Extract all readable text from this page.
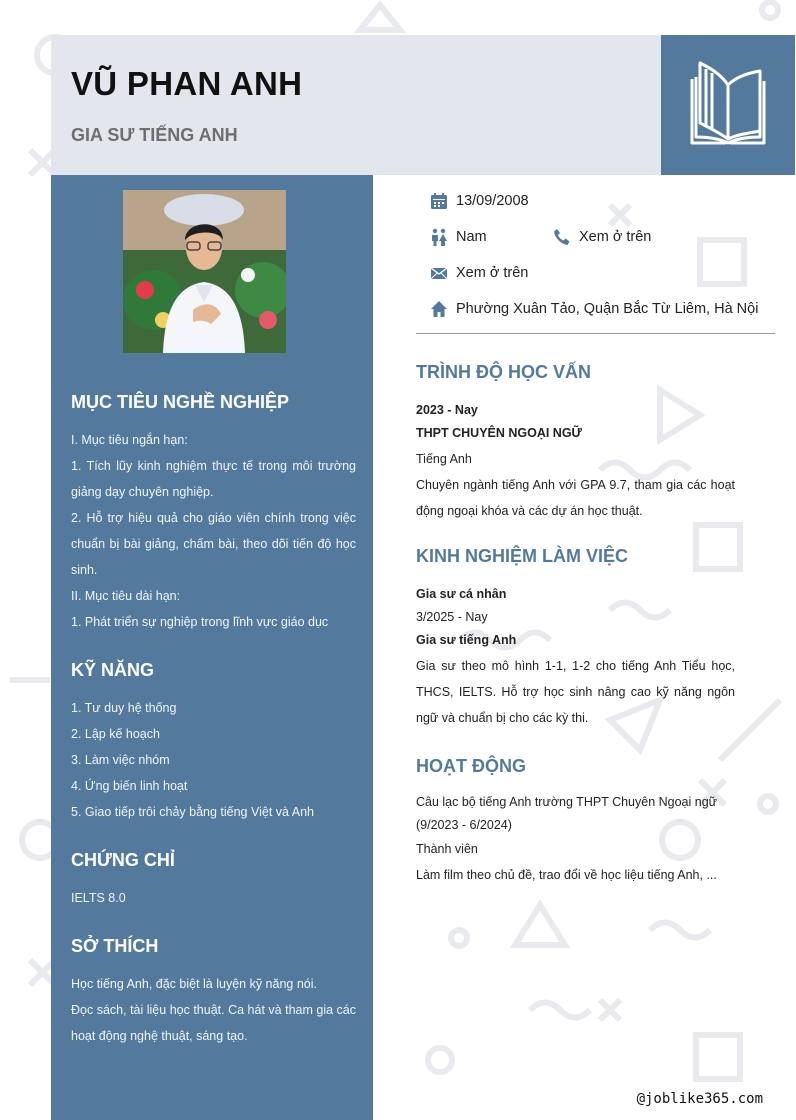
VŨ PHAN ANH
GIA SƯ TIẾNG ANH
MỤC TIÊU NGHỀ NGHIỆP
I. Mục tiêu ngắn hạn:
1. Tích lũy kinh nghiệm thực tế trong môi trường giảng dạy chuyên nghiệp.
2. Hỗ trợ hiệu quả cho giáo viên chính trong việc chuẩn bị bài giảng, chấm bài, theo dõi tiến độ học sinh.
II. Mục tiêu dài hạn:
1. Phát triển sự nghiệp trong lĩnh vực giáo dục
KỸ NĂNG
1. Tư duy hệ thống
2. Lập kế hoạch
3. Làm việc nhóm
4. Ứng biến linh hoạt
5. Giao tiếp trôi chảy bằng tiếng Việt và Anh
CHỨNG CHỈ
IELTS 8.0
SỞ THÍCH
Học tiếng Anh, đặc biệt là luyện kỹ năng nói.
Đọc sách, tài liệu học thuật. Ca hát và tham gia các hoạt động nghệ thuật, sáng tạo.
13/09/2008
Nam	Xem ở trên
Xem ở trên
Phường Xuân Tảo, Quận Bắc Từ Liêm, Hà Nội
TRÌNH ĐỘ HỌC VẤN
2023 - Nay
THPT CHUYÊN NGOẠI NGỮ
Tiếng Anh
Chuyên ngành tiếng Anh với GPA 9.7, tham gia các hoạt động ngoại khóa và các dự án học thuật.
KINH NGHIỆM LÀM VIỆC
Gia sư cá nhân
3/2025 - Nay
Gia sư tiếng Anh
Gia sư theo mô hình 1-1, 1-2 cho tiếng Anh Tiểu học, THCS, IELTS. Hỗ trợ học sinh nâng cao kỹ năng ngôn ngữ và chuẩn bị cho các kỳ thi.
HOẠT ĐỘNG
Câu lạc bộ tiếng Anh trường THPT Chuyên Ngoại ngữ
(9/2023 - 6/2024)
Thành viên
Làm film theo chủ đề, trao đổi về học liệu tiếng Anh, ...
@joblike365.com
